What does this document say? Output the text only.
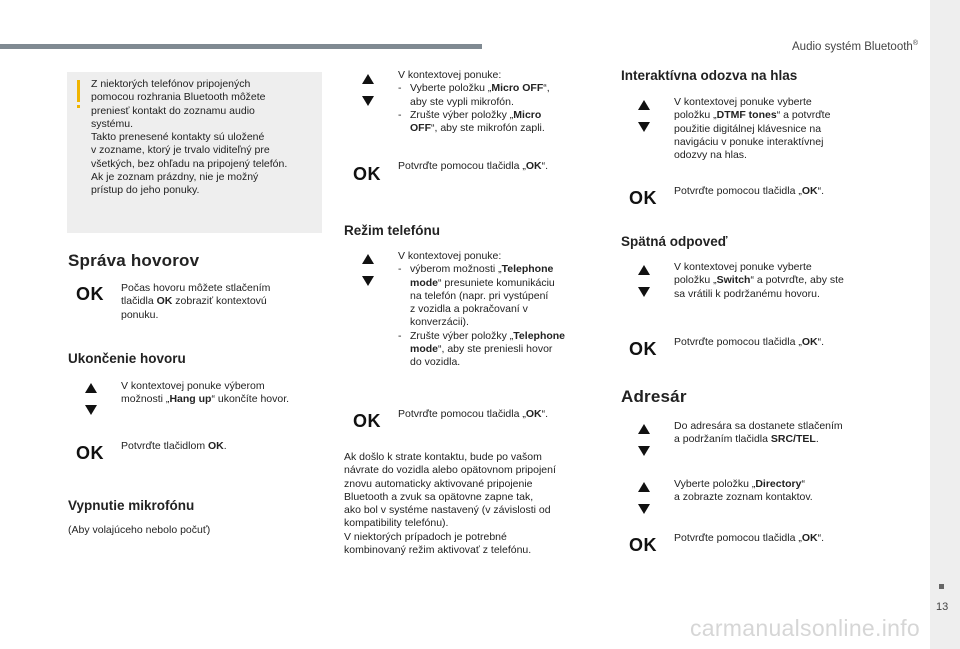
Audio systém Bluetooth®
13
carmanualsonline.info
Z niektorých telefónov pripojených
pomocou rozhrania Bluetooth môžete
preniesť kontakt do zoznamu audio
systému.
Takto prenesené kontakty sú uložené
v zozname, ktorý je trvalo viditeľný pre
všetkých, bez ohľadu na pripojený telefón.
Ak je zoznam prázdny, nie je možný
prístup do jeho ponuky.
Správa hovorov
OK Počas hovoru môžete stlačením
tlačidla OK zobraziť kontextovú
ponuku.
Ukončenie hovoru
V kontextovej ponuke výberom
možnosti „Hang up“ ukončíte hovor.
OK Potvrďte tlačidlom OK.
Vypnutie mikrofónu
(Aby volajúceho nebolo počuť)
V kontextovej ponuke:
- Vyberte položku „Micro OFF“,
aby ste vypli mikrofón.
- Zrušte výber položky „Micro
OFF“, aby ste mikrofón zapli.
OK Potvrďte pomocou tlačidla „OK“.
Režim telefónu
V kontextovej ponuke:
- výberom možnosti „Telephone
mode“ presuniete komunikáciu
na telefón (napr. pri vystúpení
z vozidla a pokračovaní v
konverzácii).
- Zrušte výber položky „Telephone
mode“, aby ste preniesli hovor
do vozidla.
OK Potvrďte pomocou tlačidla „OK“.
Ak došlo k strate kontaktu, bude po vašom
návrate do vozidla alebo opätovnom pripojení
znovu automaticky aktivované pripojenie
Bluetooth a zvuk sa opätovne zapne tak,
ako bol v systéme nastavený (v závislosti od
kompatibility telefónu).
V niektorých prípadoch je potrebné
kombinovaný režim aktivovať z telefónu.
Interaktívna odozva na hlas
V kontextovej ponuke vyberte
položku „DTMF tones“ a potvrďte
použitie digitálnej klávesnice na
navigáciu v ponuke interaktívnej
odozvy na hlas.
OK Potvrďte pomocou tlačidla „OK“.
Spätná odpoveď
V kontextovej ponuke vyberte
položku „Switch“ a potvrďte, aby ste
sa vrátili k podržanému hovoru.
OK Potvrďte pomocou tlačidla „OK“.
Adresár
Do adresára sa dostanete stlačením
a podržaním tlačidla SRC/TEL.
Vyberte položku „Directory“
a zobrazte zoznam kontaktov.
OK Potvrďte pomocou tlačidla „OK“.
